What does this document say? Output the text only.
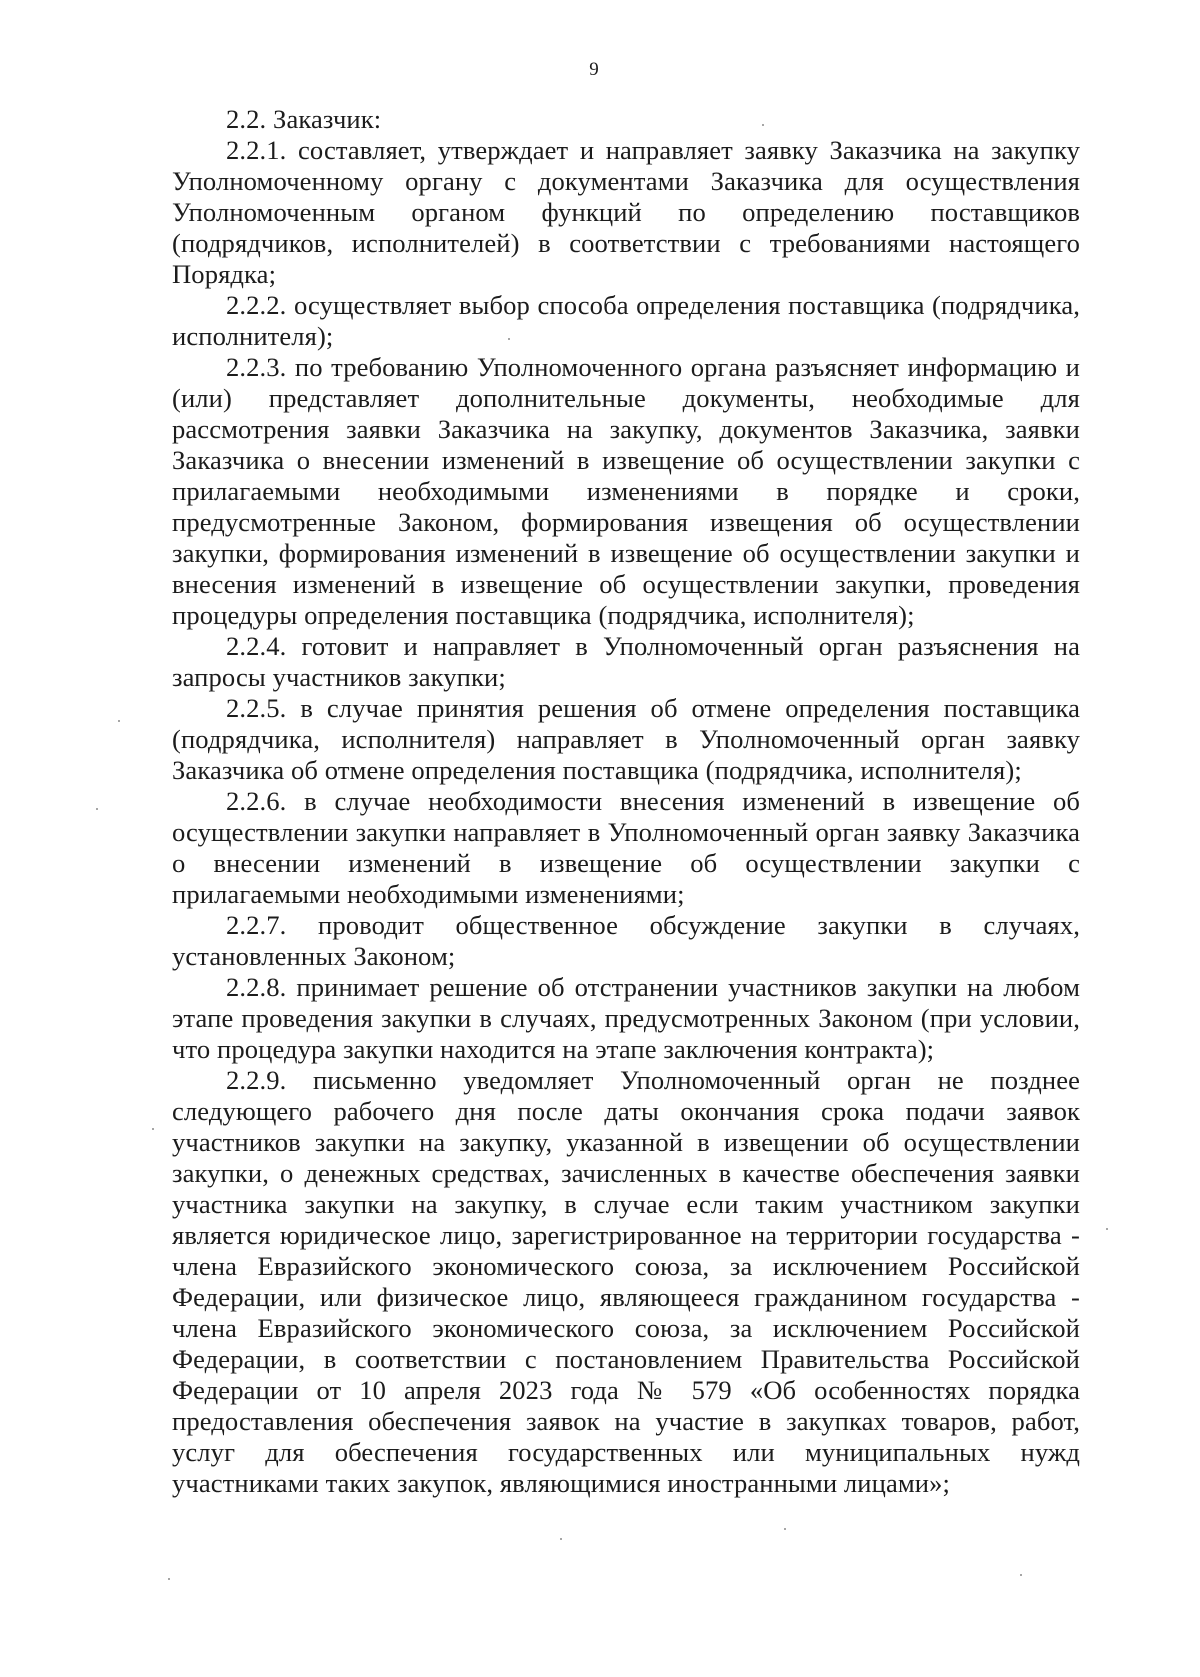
9

2.2. Заказчик:

2.2.1. составляет, утверждает и направляет заявку Заказчика на закупку Уполномоченному органу с документами Заказчика для осуществления Уполномоченным органом функций по определению поставщиков (подрядчиков, исполнителей) в соответствии с требованиями настоящего Порядка;

2.2.2. осуществляет выбор способа определения поставщика (подрядчика, исполнителя);

2.2.3. по требованию Уполномоченного органа разъясняет информацию и (или) представляет дополнительные документы, необходимые для рассмотрения заявки Заказчика на закупку, документов Заказчика, заявки Заказчика о внесении изменений в извещение об осуществлении закупки с прилагаемыми необходимыми изменениями в порядке и сроки, предусмотренные Законом, формирования извещения об осуществлении закупки, формирования изменений в извещение об осуществлении закупки и внесения изменений в извещение об осуществлении закупки, проведения процедуры определения поставщика (подрядчика, исполнителя);

2.2.4. готовит и направляет в Уполномоченный орган разъяснения на запросы участников закупки;

2.2.5. в случае принятия решения об отмене определения поставщика (подрядчика, исполнителя) направляет в Уполномоченный орган заявку Заказчика об отмене определения поставщика (подрядчика, исполнителя);

2.2.6. в случае необходимости внесения изменений в извещение об осуществлении закупки направляет в Уполномоченный орган заявку Заказчика о внесении изменений в извещение об осуществлении закупки с прилагаемыми необходимыми изменениями;

2.2.7. проводит общественное обсуждение закупки в случаях, установленных Законом;

2.2.8. принимает решение об отстранении участников закупки на любом этапе проведения закупки в случаях, предусмотренных Законом (при условии, что процедура закупки находится на этапе заключения контракта);

2.2.9. письменно уведомляет Уполномоченный орган не позднее следующего рабочего дня после даты окончания срока подачи заявок участников закупки на закупку, указанной в извещении об осуществлении закупки, о денежных средствах, зачисленных в качестве обеспечения заявки участника закупки на закупку, в случае если таким участником закупки является юридическое лицо, зарегистрированное на территории государства - члена Евразийского экономического союза, за исключением Российской Федерации, или физическое лицо, являющееся гражданином государства - члена Евразийского экономического союза, за исключением Российской Федерации, в соответствии с постановлением Правительства Российской Федерации от 10 апреля 2023 года № 579 «Об особенностях порядка предоставления обеспечения заявок на участие в закупках товаров, работ, услуг для обеспечения государственных или муниципальных нужд участниками таких закупок, являющимися иностранными лицами»;
